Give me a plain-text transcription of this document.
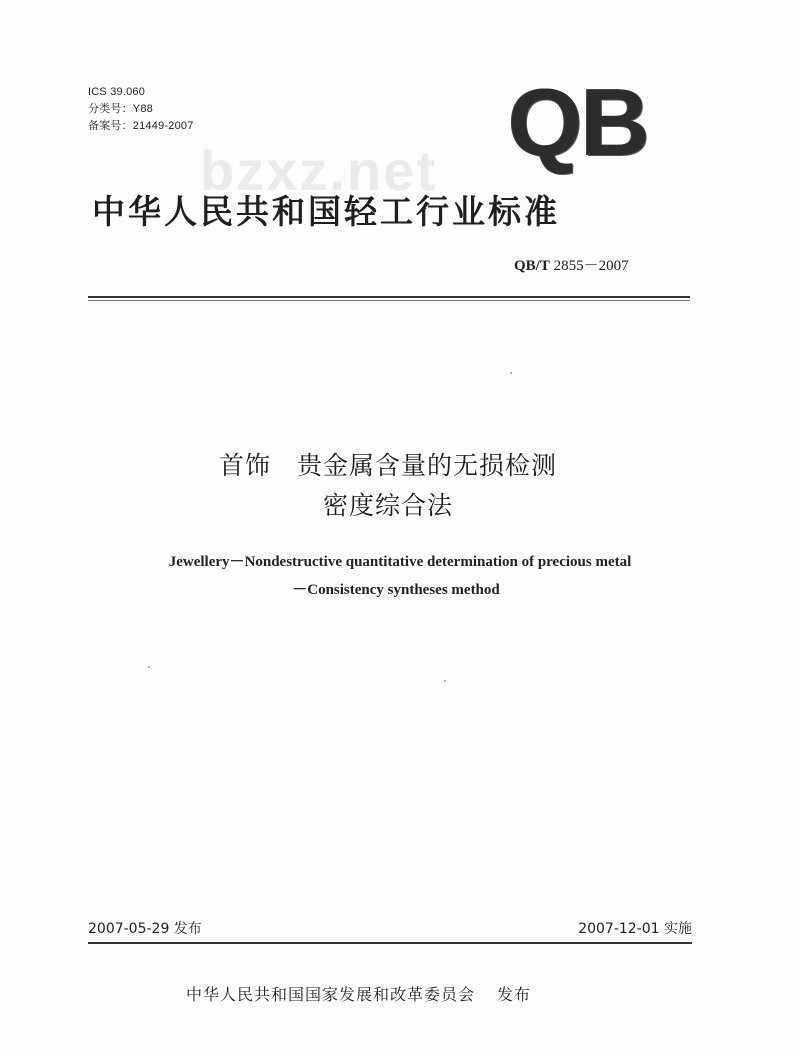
ICS 39.060
分类号：Y88
备案号：21449-2007
bzxz.net QB
中华人民共和国轻工行业标准
QB/T 2855－2007
首饰　贵金属含量的无损检测
密度综合法
Jewellery－Nondestructive quantitative determination of precious metal
－Consistency syntheses method
2007-05-29 发布	2007-12-01 实施
中华人民共和国国家发展和改革委员会 发布
